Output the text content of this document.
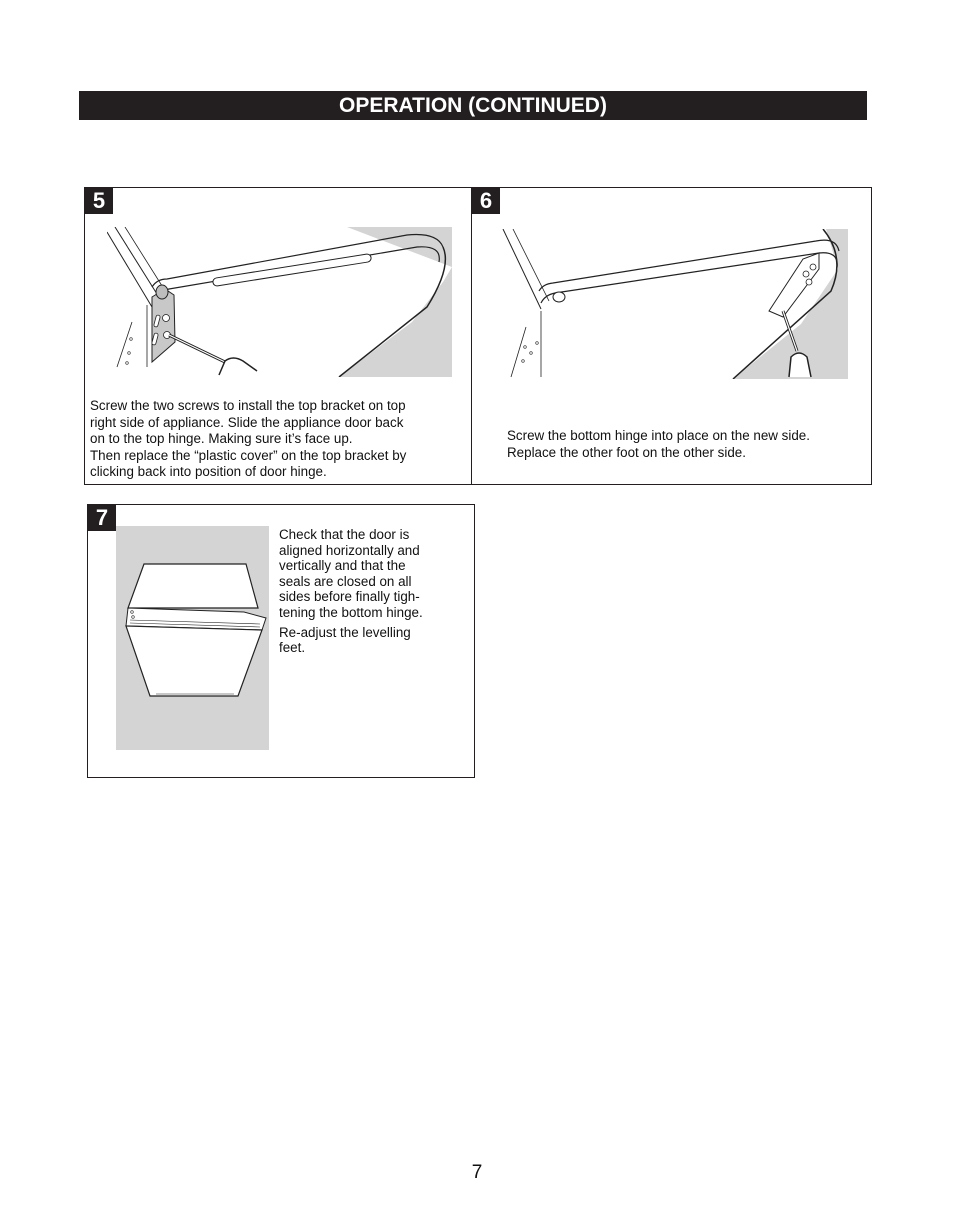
OPERATION (CONTINUED)
5

Screw the two screws to install the top bracket on top

right side of appliance. Slide the appliance door back

on to the top hinge. Making sure it’s face up.

Then replace the “plastic cover” on the top bracket by

clicking back into position of door hinge.

6

Screw the bottom hinge into place on the new side.

Replace the other foot on the other side.

7

Check that the door is
aligned horizontally and
vertically and that the
seals are closed on all
sides before finally tigh-
tening the bottom hinge.

Re-adjust the levelling
feet.

7
